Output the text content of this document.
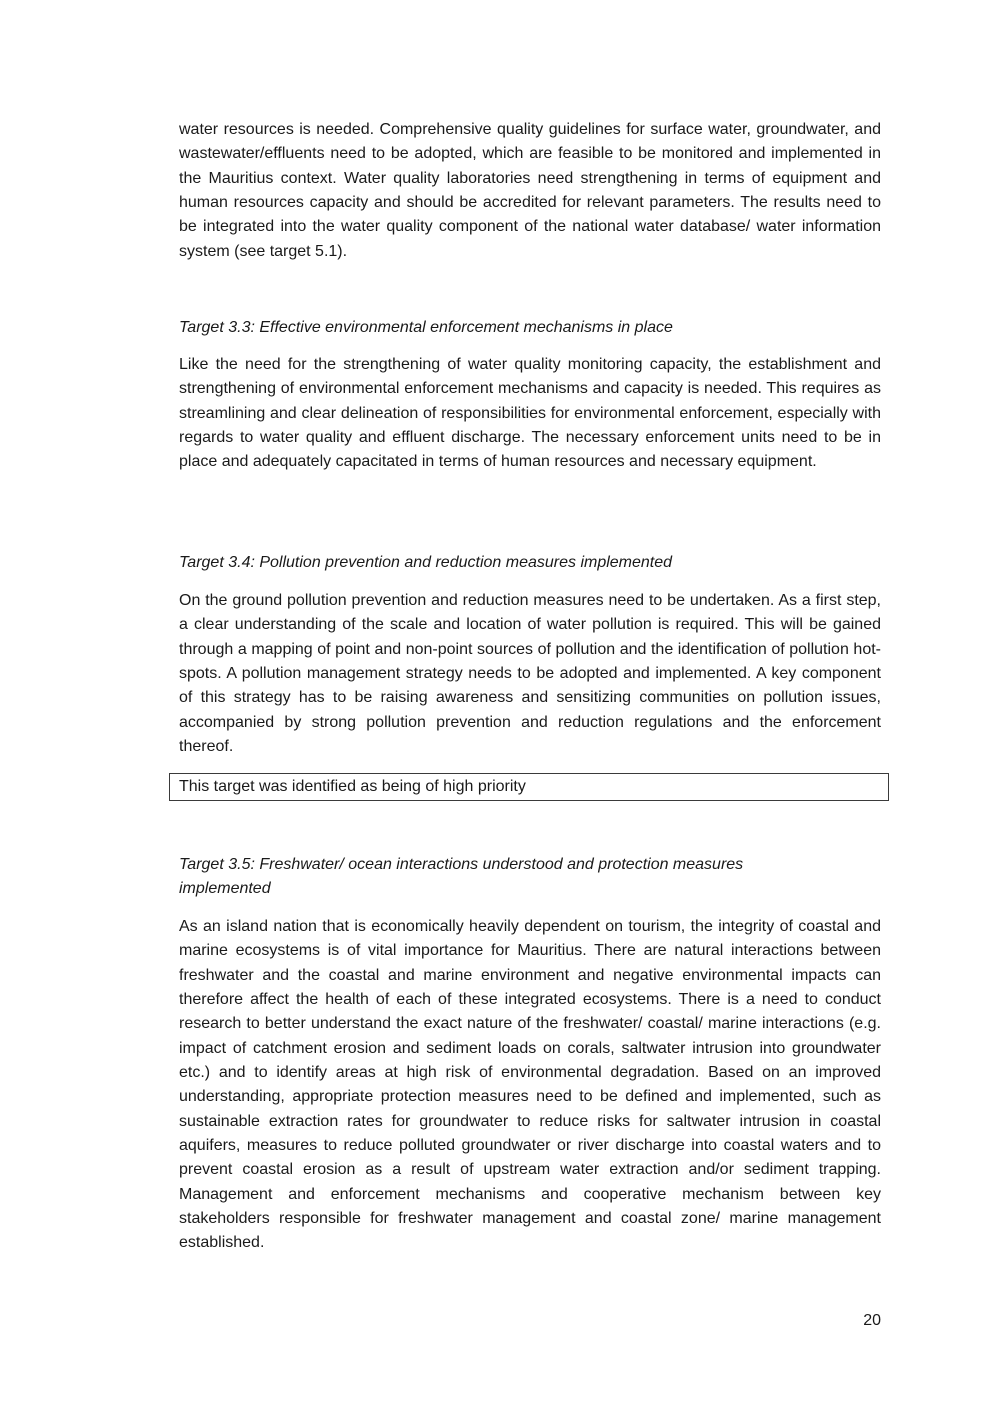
water resources is needed. Comprehensive quality guidelines for surface water, groundwater, and wastewater/effluents need to be adopted, which are feasible to be monitored and implemented in the Mauritius context. Water quality laboratories need strengthening in terms of equipment and human resources capacity and should be accredited for relevant parameters. The results need to be integrated into the water quality component of the national water database/ water information system (see target 5.1).

Target 3.3: Effective environmental enforcement mechanisms in place

Like the need for the strengthening of water quality monitoring capacity, the establishment and strengthening of environmental enforcement mechanisms and capacity is needed. This requires as streamlining and clear delineation of responsibilities for environmental enforcement, especially with regards to water quality and effluent discharge. The necessary enforcement units need to be in place and adequately capacitated in terms of human resources and necessary equipment.

Target 3.4: Pollution prevention and reduction measures implemented

On the ground pollution prevention and reduction measures need to be undertaken. As a first step, a clear understanding of the scale and location of water pollution is required. This will be gained through a mapping of point and non-point sources of pollution and the identification of pollution hot-spots. A pollution management strategy needs to be adopted and implemented. A key component of this strategy has to be raising awareness and sensitizing communities on pollution issues, accompanied by strong pollution prevention and reduction regulations and the enforcement thereof.

This target was identified as being of high priority

Target 3.5: Freshwater/ ocean interactions understood and protection measures implemented

As an island nation that is economically heavily dependent on tourism, the integrity of coastal and marine ecosystems is of vital importance for Mauritius. There are natural interactions between freshwater and the coastal and marine environment and negative environmental impacts can therefore affect the health of each of these integrated ecosystems. There is a need to conduct research to better understand the exact nature of the freshwater/ coastal/ marine interactions (e.g. impact of catchment erosion and sediment loads on corals, saltwater intrusion into groundwater etc.) and to identify areas at high risk of environmental degradation. Based on an improved understanding, appropriate protection measures need to be defined and implemented, such as sustainable extraction rates for groundwater to reduce risks for saltwater intrusion in coastal aquifers, measures to reduce polluted groundwater or river discharge into coastal waters and to prevent coastal erosion as a result of upstream water extraction and/or sediment trapping. Management and enforcement mechanisms and cooperative mechanism between key stakeholders responsible for freshwater management and coastal zone/ marine management established.

20
